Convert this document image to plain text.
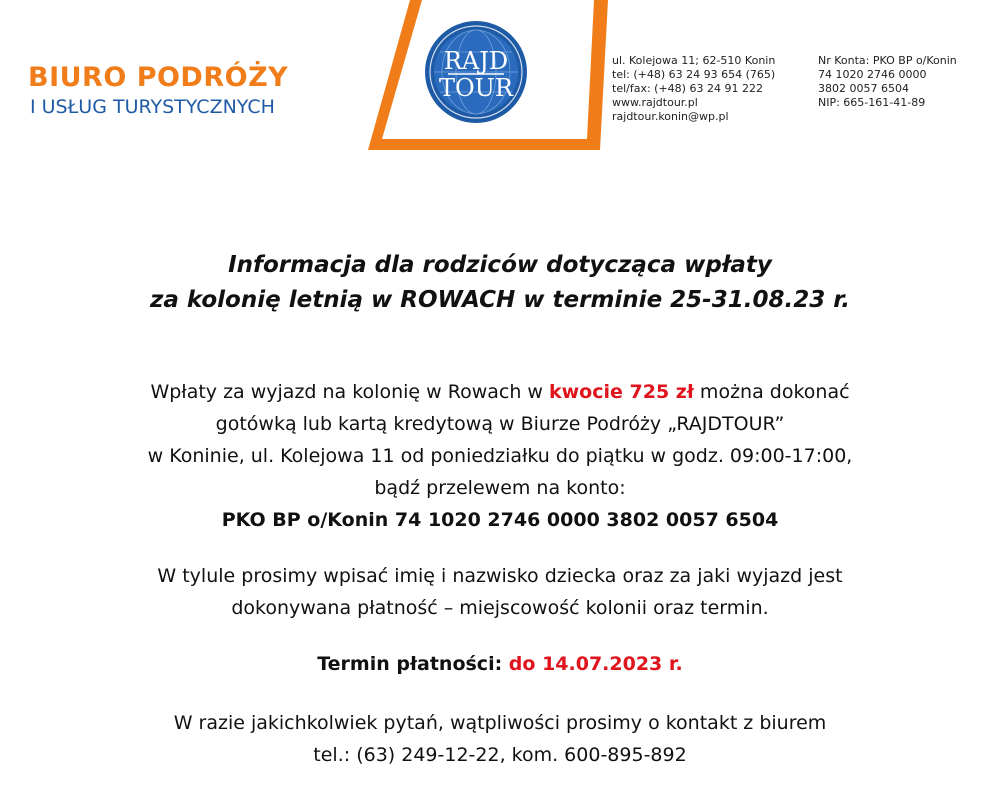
BIURO PODRÓŻY
I USŁUG TURYSTYCZNYCH
RAJD
TOUR
ul. Kolejowa 11; 62-510 Konin
tel: (+48) 63 24 93 654 (765)
tel/fax: (+48) 63 24 91 222
www.rajdtour.pl
rajdtour.konin@wp.pl
Nr Konta: PKO BP o/Konin
74 1020 2746 0000
3802 0057 6504
NIP: 665-161-41-89
Informacja dla rodziców dotycząca wpłaty
za kolonię letnią w ROWACH w terminie 25-31.08.23 r.
Wpłaty za wyjazd na kolonię w Rowach w kwocie 725 zł można dokonać
gotówką lub kartą kredytową w Biurze Podróży „RAJDTOUR”
w Koninie, ul. Kolejowa 11 od poniedziałku do piątku w godz. 09:00-17:00,
bądź przelewem na konto:
PKO BP o/Konin 74 1020 2746 0000 3802 0057 6504
W tylule prosimy wpisać imię i nazwisko dziecka oraz za jaki wyjazd jest
dokonywana płatność – miejscowość kolonii oraz termin.
Termin płatności: do 14.07.2023 r.
W razie jakichkolwiek pytań, wątpliwości prosimy o kontakt z biurem
tel.: (63) 249-12-22, kom. 600-895-892
